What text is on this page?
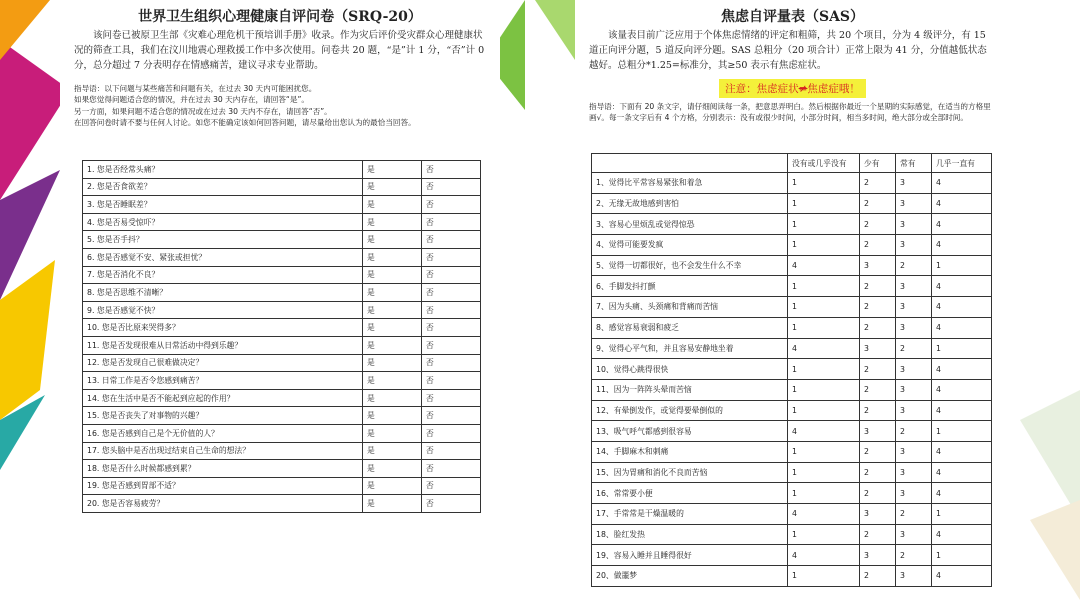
世界卫生组织心理健康自评问卷（SRQ-20）

该问卷已被原卫生部《灾难心理危机干预培训手册》收录。作为灾后评价受灾群众心理健康状况的筛查工具，我们在汶川地震心理救援工作中多次使用。问卷共 20 题，“是”计 1 分，“否”计 0 分，总分超过 7 分表明存在情感痛苦，建议寻求专业帮助。

指导语：以下问题与某些痛苦和问题有关，在过去 30 天内可能困扰您。
如果您觉得问题适合您的情况，并在过去 30 天内存在，请回答“是”。
另一方面，如果问题不适合您的情况或在过去 30 天内不存在，请回答“否”。
在回答问卷时请不要与任何人讨论。如您不能确定该如何回答问题，请尽量给出您认为的最恰当回答。
1. 您是否经常头痛？	是	否
2. 您是否食欲差？	是	否
3. 您是否睡眠差？	是	否
4. 您是否易受惊吓？	是	否
5. 您是否手抖？	是	否
6. 您是否感觉不安、紧张或担忧？	是	否
7. 您是否消化不良？	是	否
8. 您是否思维不清晰？	是	否
9. 您是否感觉不快？	是	否
10. 您是否比原来哭得多？	是	否
11. 您是否发现很难从日常活动中得到乐趣？	是	否
12. 您是否发现自己很难做决定？	是	否
13. 日常工作是否令您感到痛苦？	是	否
14. 您在生活中是否不能起到应起的作用？	是	否
15. 您是否丧失了对事物的兴趣？	是	否
16. 您是否感到自己是个无价值的人？	是	否
17. 您头脑中是否出现过结束自己生命的想法？	是	否
18. 您是否什么时候都感到累？	是	否
19. 您是否感到胃部不适？	是	否
20. 您是否容易疲劳？	是	否
焦虑自评量表（SAS）

该量表目前广泛应用于个体焦虑情绪的评定和粗筛，共 20 个项目，分为 4 级评分，有 15 道正向评分题，5 道反向评分题。SAS 总粗分（20 项合计）正常上限为 41 分，分值越低状态越好。总粗分*1.25=标准分，其≥50 表示有焦虑症状。

注意：焦虑症状≠焦虑症哦！
指导语：下面有 20 条文字，请仔细阅读每一条，把意思弄明白。然后根据你最近一个星期的实际感觉，在适当的方格里画√。每一条文字后有 4 个方格，分别表示：没有或很少时间，小部分时间，相当多时间，绝大部分或全部时间。
	没有或几乎没有	少有	常有	几乎一直有
1、觉得比平常容易紧张和着急	1	2	3	4
2、无缘无故地感到害怕	1	2	3	4
3、容易心里烦乱或觉得惊恐	1	2	3	4
4、觉得可能要发疯	1	2	3	4
5、觉得一切都很好，也不会发生什么不幸	4	3	2	1
6、手脚发抖打颤	1	2	3	4
7、因为头痛、头颈痛和背痛而苦恼	1	2	3	4
8、感觉容易衰弱和疲乏	1	2	3	4
9、觉得心平气和，并且容易安静地坐着	4	3	2	1
10、觉得心跳得很快	1	2	3	4
11、因为一阵阵头晕而苦恼	1	2	3	4
12、有晕倒发作，或觉得要晕倒似的	1	2	3	4
13、吸气呼气都感到很容易	4	3	2	1
14、手脚麻木和刺痛	1	2	3	4
15、因为胃痛和消化不良而苦恼	1	2	3	4
16、常常要小便	1	2	3	4
17、手常常是干燥温暖的	4	3	2	1
18、脸红发热	1	2	3	4
19、容易入睡并且睡得很好	4	3	2	1
20、做噩梦	1	2	3	4
